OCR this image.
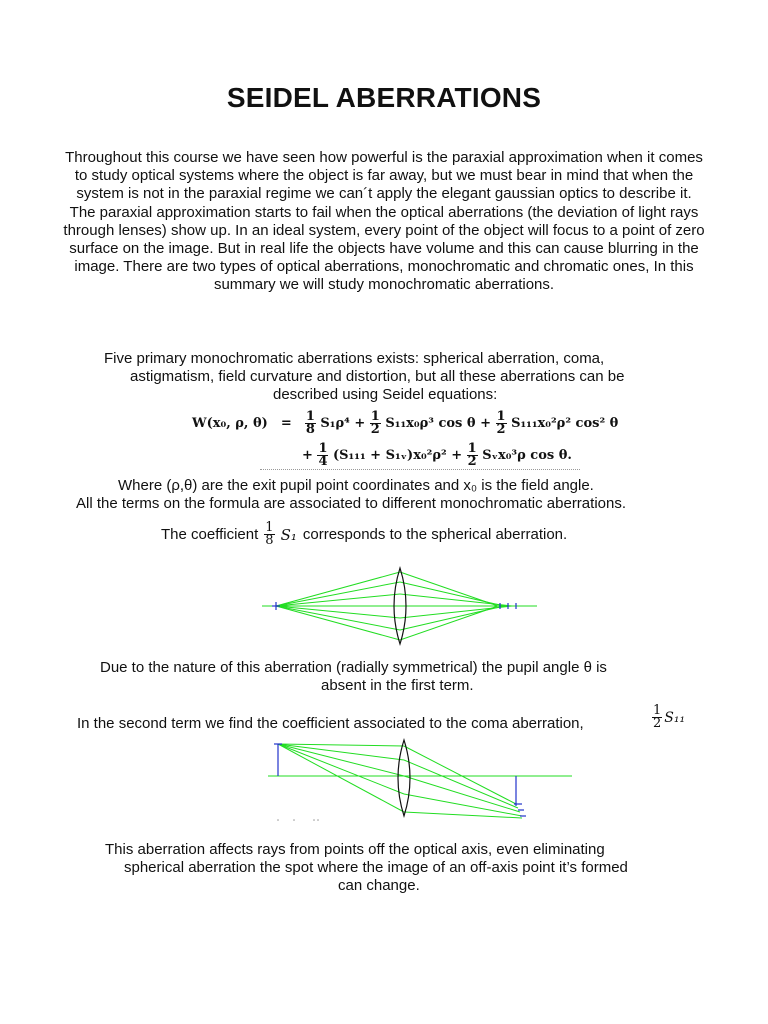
SEIDEL ABERRATIONS

Throughout this course we have seen how powerful is the paraxial approximation when it comes to study optical systems where the object is far away, but we must bear in mind that when the system is not in the paraxial regime we can´t apply the elegant gaussian optics to describe it.

The paraxial approximation starts to fail when the optical aberrations (the deviation of light rays through lenses) show up. In an ideal system, every point of the object will focus to a point of zero surface on the image. But in real life the objects have volume and this can cause blurring in the image. There are two types of optical aberrations, monochromatic and chromatic ones, In this summary we will study monochromatic aberrations.

Five primary monochromatic aberrations exists: spherical aberration, coma,
astigmatism, field curvature and distortion, but all these aberrations can be
described using Seidel equations:
W(x₀, ρ, $\theta) = \frac{1}{8} S_1\rho^4 + \frac{1}{2} S_{11}x_0\rho^3$ $\cos \theta + \frac{1}{2} S_{111}x_0^2\rho^2$ cos² θ
+ $\frac{1}{4} (S_{111}$ + S₁ᵥ)x₀²ρ² + $\frac{1}{2}$ Sᵥx₀³ρ cos θ.
Where (ρ,θ) are the exit pupil point coordinates and x₀ is the field angle.
All the terms on the formula are associated to different monochromatic aberrations.
The coefficient $\frac{1}{8} S_1$ corresponds to the spherical aberration.
Due to the nature of this aberration (radially symmetrical) the pupil angle θ is
absent in the first term.
In the second term we find the coefficient associated to the coma aberration,	$\frac{1}{2} S_{11}$
This aberration affects rays from points off the optical axis, even eliminating
spherical aberration the spot where the image of an off-axis point it’s formed
can change.
